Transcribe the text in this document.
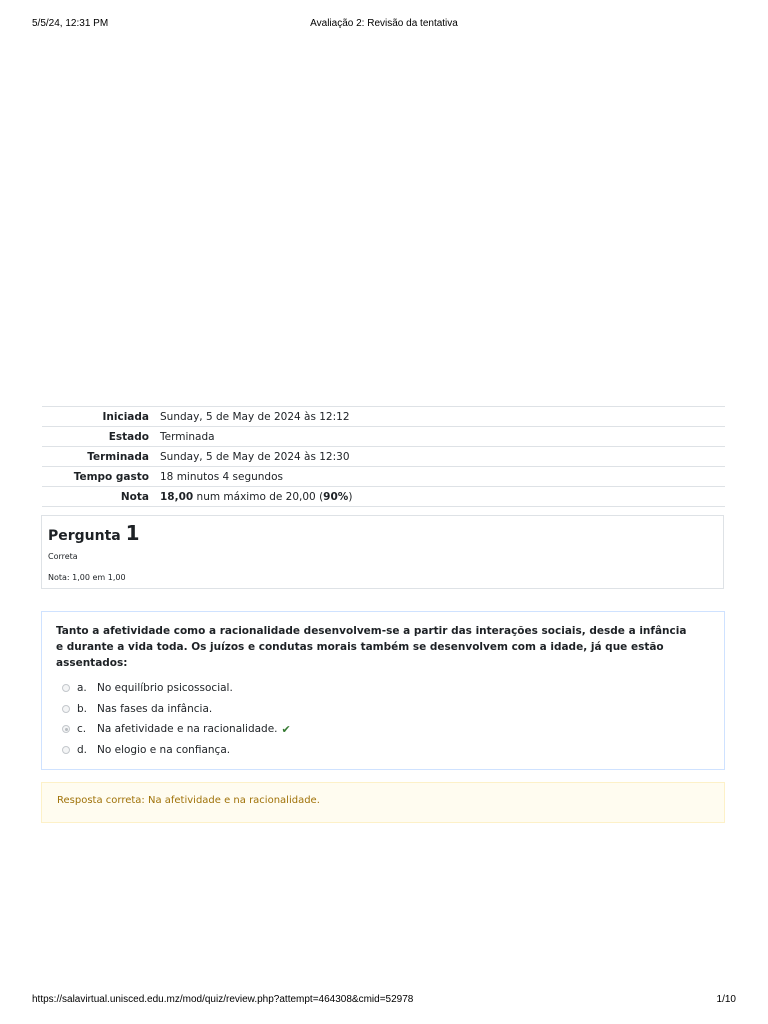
5/5/24, 12:31 PM	Avaliação 2: Revisão da tentativa
Iniciada	Sunday, 5 de May de 2024 às 12:12
Estado	Terminada
Terminada	Sunday, 5 de May de 2024 às 12:30
Tempo gasto	18 minutos 4 segundos
Nota	18,00 num máximo de 20,00 (90%)
Pergunta 1
Correta
Nota: 1,00 em 1,00
Tanto a afetividade como a racionalidade desenvolvem-se a partir das interações sociais, desde a infância e durante a vida toda. Os juízos e condutas morais também se desenvolvem com a idade, já que estão assentados:
a. No equilíbrio psicossocial.
b. Nas fases da infância.
c.	Na afetividade e na racionalidade. ✔
d. No elogio e na confiança.
Resposta correta: Na afetividade e na racionalidade.
https://salavirtual.unisced.edu.mz/mod/quiz/review.php?attempt=464308&cmid=52978	1/10
